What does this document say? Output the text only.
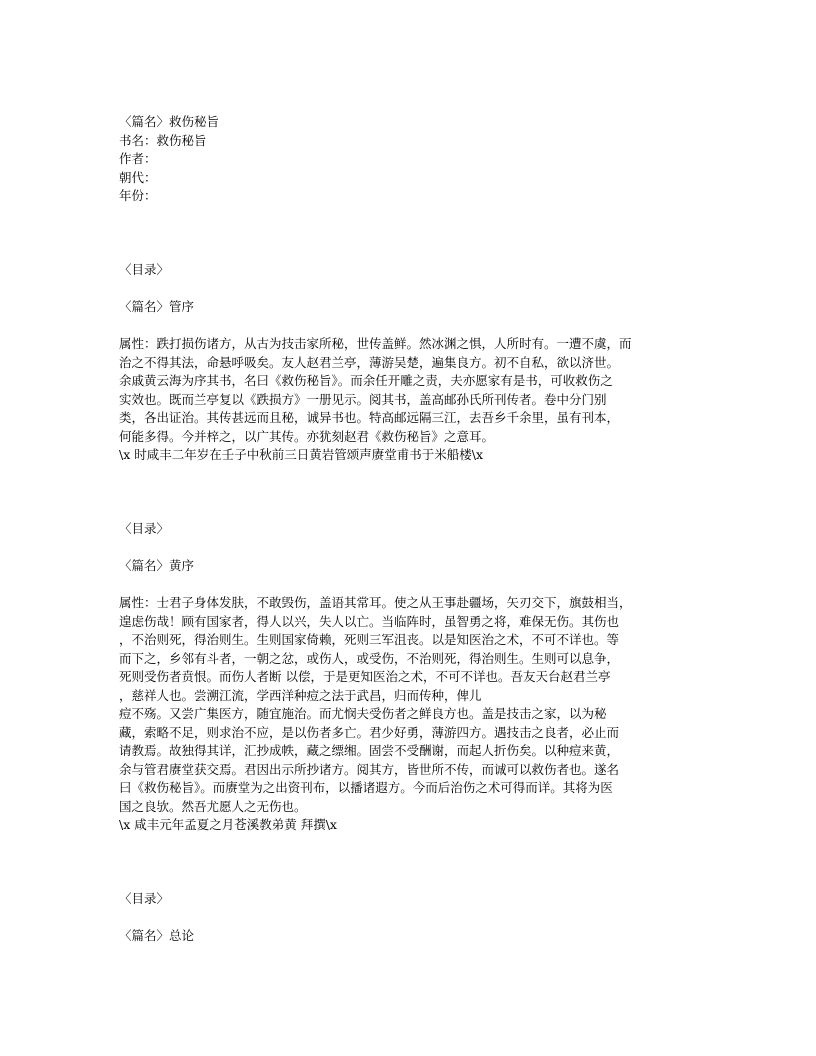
〈篇名〉救伤秘旨
书名：救伤秘旨
作者：
朝代：
年份：
〈目录〉
〈篇名〉管序
属性：跌打损伤诸方，从古为技击家所秘，世传盖鲜。然冰渊之惧，人所时有。一遭不虞，而
治之不得其法，命悬呼吸矣。友人赵君兰亭，薄游吴楚，遍集良方。初不自私，欲以济世。
余戚黄云海为序其书，名曰《救伤秘旨》。而余任开雕之责，夫亦愿家有是书，可收救伤之
实效也。既而兰亭复以《跌损方》一册见示。阅其书，盖高邮孙氏所刊传者。卷中分门别
类，各出证治。其传甚远而且秘，诚异书也。特高邮远隔三江，去吾乡千余里，虽有刊本，
何能多得。今并梓之，以广其传。亦犹刻赵君《救伤秘旨》之意耳。
\x 时咸丰二年岁在壬子中秋前三日黄岩管颂声赓堂甫书于米船楼\x
〈目录〉
〈篇名〉黄序
属性：士君子身体发肤，不敢毁伤，盖语其常耳。使之从王事赴疆场，矢刃交下，旗鼓相当，
遑虑伤哉！顾有国家者，得人以兴，失人以亡。当临阵时，虽智勇之将，难保无伤。其伤也
，不治则死，得治则生。生则国家倚赖，死则三军沮丧。以是知医治之术，不可不详也。等
而下之，乡邻有斗者，一朝之忿，或伤人，或受伤，不治则死，得治则生。生则可以息争，
死则受伤者贲恨。而伤人者断 以偿，于是更知医治之术，不可不详也。吾友天台赵君兰亭
，慈祥人也。尝溯江流，学西洋种痘之法于武昌，归而传种，俾儿
痘不殇。又尝广集医方，随宜施治。而尤悯夫受伤者之鲜良方也。盖是技击之家，以为秘
藏，索略不足，则求治不应，是以伤者多亡。君少好勇，薄游四方。遇技击之良者，必止而
请教焉。故独得其详，汇抄成帙，藏之缥缃。固尝不受酬谢，而起人折伤矣。以种痘来黄，
余与管君赓堂获交焉。君因出示所抄诸方。阅其方，皆世所不传，而诚可以救伤者也。遂名
曰《救伤秘旨》。而赓堂为之出资刊布，以播诸遐方。今而后治伤之术可得而详。其将为医
国之良欤。然吾尤愿人之无伤也。
\x 咸丰元年孟夏之月苍溪教弟黄 拜撰\x
〈目录〉
〈篇名〉总论
